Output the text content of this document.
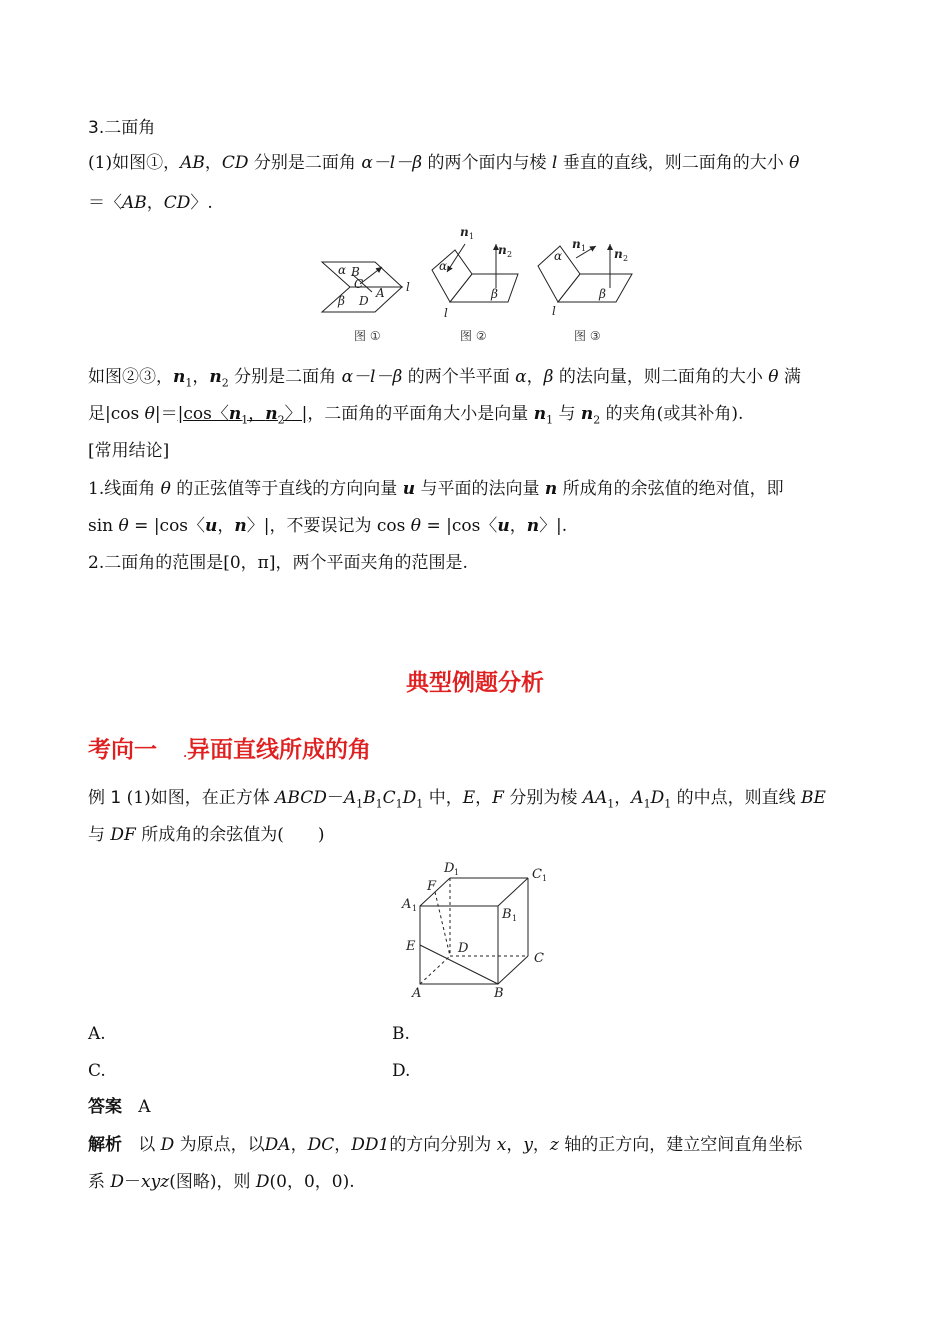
3.二面角
(1)如图①，AB，CD 分别是二面角 α－l－β 的两个面内与棱 l 垂直的直线，则二面角的大小 θ
＝〈AB，CD〉.
α B
C
A
β D
l
图 ①
n 1
n 2
α
β
l
图 ②
n 1 n 2
α
β
l
图 ③
如图②③，$n_1$，$n_2$ 分别是二面角 α－l－β 的两个半平面 α，β 的法向量，则二面角的大小 θ 满
足|cos θ|＝|cos〈$n_1$，$n_2$〉|，二面角的平面角大小是向量 $n_1$ 与 $n_2$ 的夹角(或其补角).
[常用结论]
1.线面角 θ 的正弦值等于直线的方向向量 u 与平面的法向量 n 所成角的余弦值的绝对值，即
sin θ = |cos〈u，n〉|，不要误记为 cos θ = |cos〈u，n〉|.
2.二面角的范围是[0，π]，两个平面夹角的范围是.
典型例题分析
考向一	.异面直线所成的角
例 1 (1)如图，在正方体 $ABCD-A_1B_1C_1D_1$ 中，E，F 分别为棱 $AA_1$，$A_1D_1$ 的中点，则直线 BE
与 DF 所成角的余弦值为(　　)
D 1	C 1
A 1	B 1
F
E	D
C
A	B
A.	B.
C.	D.
答案 A
解析 以 D 为原点，以DA，DC，DD1的方向分别为 x，y，z 轴的正方向，建立空间直角坐标
系 D－xyz(图略)，则 D(0，0，0).
